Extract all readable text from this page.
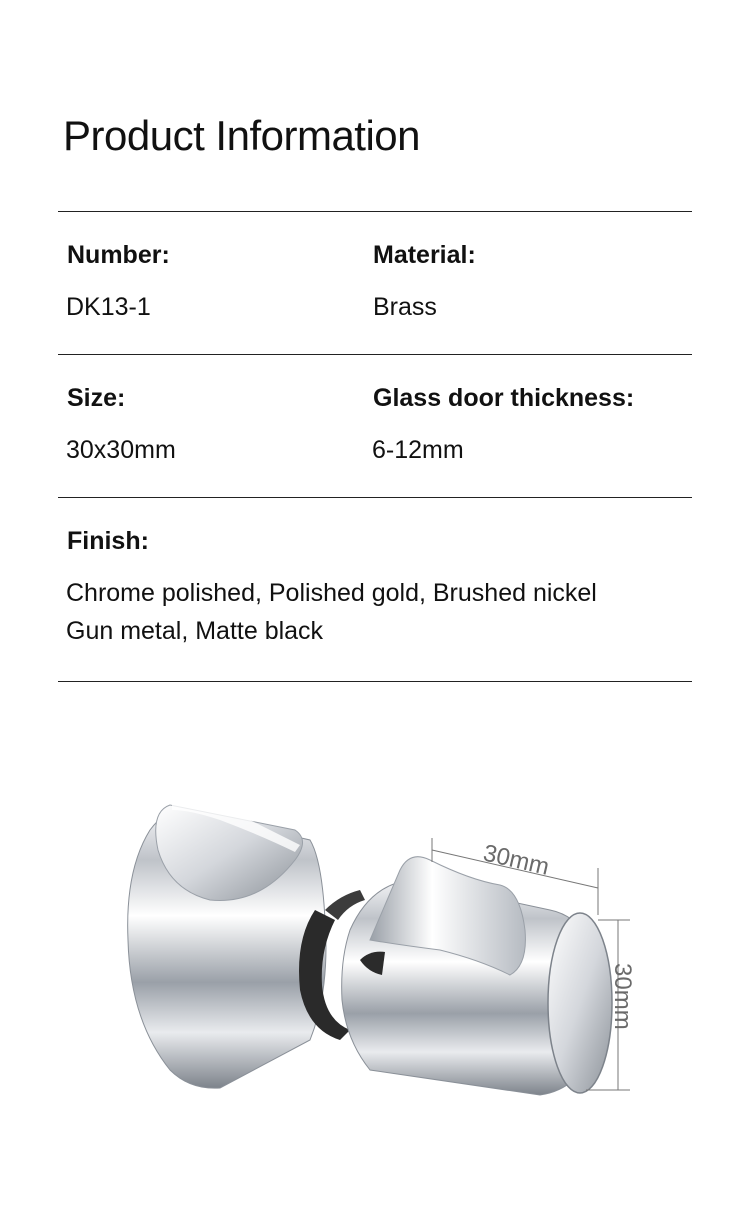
Product Information
Number:	Material:
DK13-1	Brass
Size:	Glass door thickness:
30x30mm	6-12mm
Finish:
Chrome polished, Polished gold, Brushed nickel
Gun metal, Matte black
30mm
30mm
